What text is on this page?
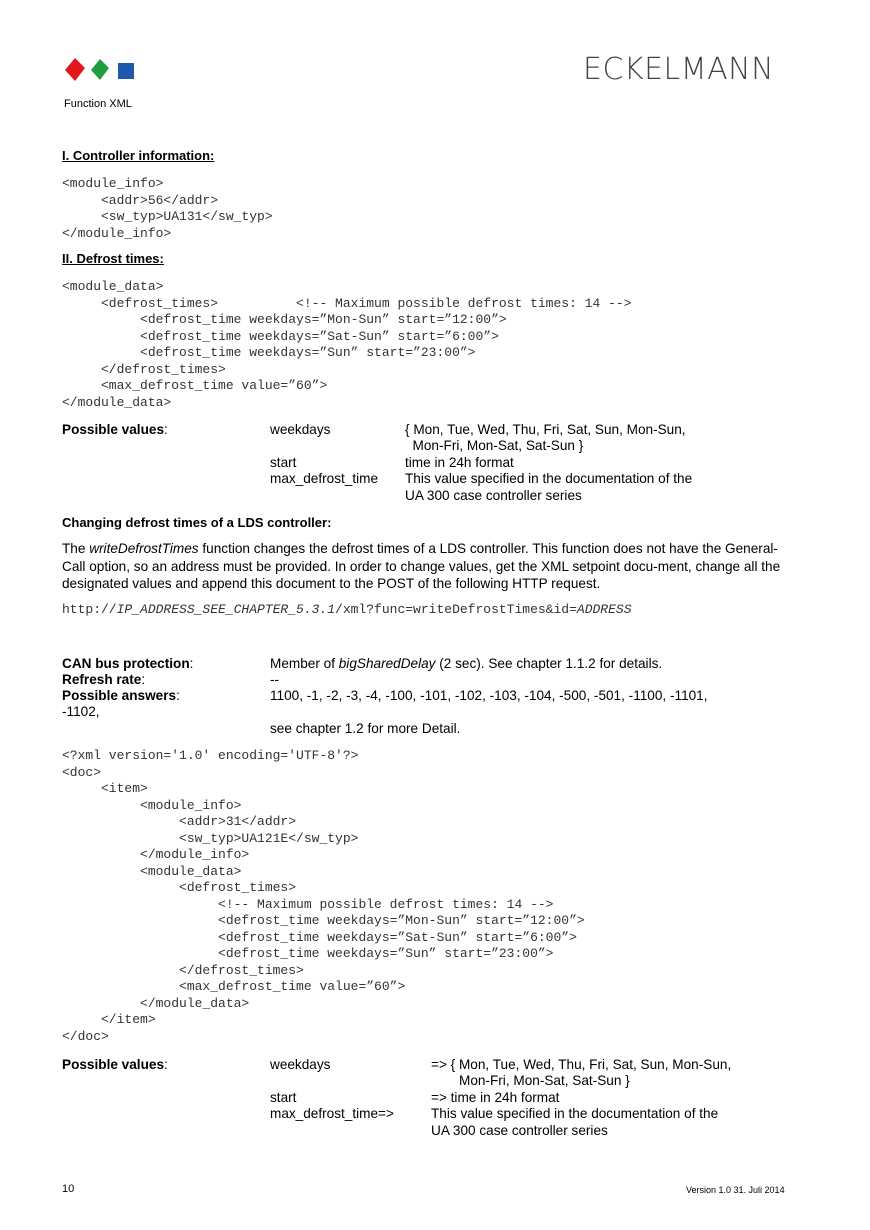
ECKELMANN
Function XML
I. Controller information:
<module_info>
<addr>56</addr>
<sw_typ>UA131</sw_typ>
</module_info>
II. Defrost times:
<module_data>
<defrost_times>          <!-- Maximum possible defrost times: 14 -->
<defrost_time weekdays=”Mon-Sun” start=”12:00”>
<defrost_time weekdays=”Sat-Sun” start=”6:00”>
<defrost_time weekdays=”Sun” start=”23:00”>
</defrost_times>
<max_defrost_time value=”60”>
</module_data>
Possible values:	weekdays	{ Mon, Tue, Wed, Thu, Fri, Sat, Sun, Mon-Sun,
Mon-Fri, Mon-Sat, Sat-Sun }
start	time in 24h format
max_defrost_time This value specified in the documentation of the
UA 300 case controller series
Changing defrost times of a LDS controller:
The writeDefrostTimes function changes the defrost times of a LDS controller. This function does not have the General-Call option, so an address must be provided. In order to change values, get the XML setpoint docu-ment, change all the designated values and append this document to the POST of the following HTTP request.
http://IP_ADDRESS_SEE_CHAPTER_5.3.1/xml?func=writeDefrostTimes&id=ADDRESS
CAN bus protection:	Member of bigSharedDelay (2 sec). See chapter 1.1.2 for details.
Refresh rate:	--
Possible answers:	1100, -1, -2, -3, -4, -100, -101, -102, -103, -104, -500, -501, -1100, -1101,
-1102,
see chapter 1.2 for more Detail.
<?xml version='1.0' encoding='UTF-8'?>
<doc>
<item>
<module_info>
<addr>31</addr>
<sw_typ>UA121E</sw_typ>
</module_info>
<module_data>
<defrost_times>
<!-- Maximum possible defrost times: 14 -->
<defrost_time weekdays=”Mon-Sun” start=”12:00”>
<defrost_time weekdays=”Sat-Sun” start=”6:00”>
<defrost_time weekdays=”Sun” start=”23:00”>
</defrost_times>
<max_defrost_time value=”60”>
</module_data>
</item>
</doc>
Possible values:	weekdays	=> { Mon, Tue, Wed, Thu, Fri, Sat, Sun, Mon-Sun,
Mon-Fri, Mon-Sat, Sat-Sun }
start	=> time in 24h format
max_defrost_time=>	This value specified in the documentation of the
UA 300 case controller series
10	Version 1.0 31. Juli 2014
